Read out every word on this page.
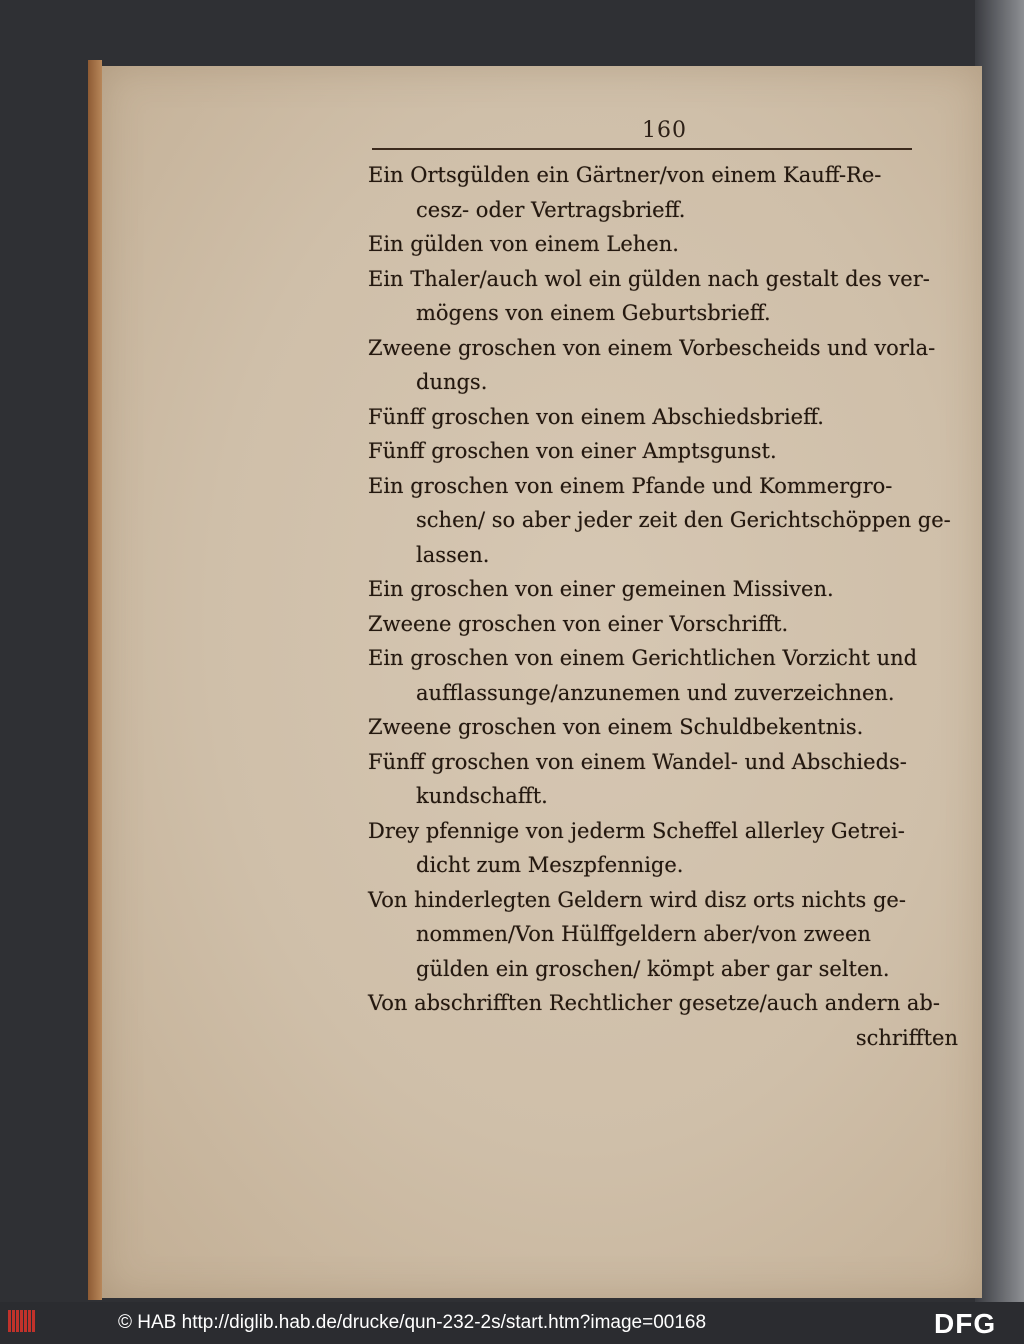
160
Ein Ortsgülden ein Gärtner/von einem Kauff-Re-
cesz- oder Vertragsbrieff.
Ein gülden von einem Lehen.
Ein Thaler/auch wol ein gülden nach gestalt des ver-
mögens von einem Geburtsbrieff.
Zweene groschen von einem Vorbescheids und vorla-
dungs.
Fünff groschen von einem Abschiedsbrieff.
Fünff groschen von einer Amptsgunst.
Ein groschen von einem Pfande und Kommergro-
schen/ so aber jeder zeit den Gerichtschöppen ge-
lassen.
Ein groschen von einer gemeinen Missiven.
Zweene groschen von einer Vorschrifft.
Ein groschen von einem Gerichtlichen Vorzicht und
aufflassunge/anzunemen und zuverzeichnen.
Zweene groschen von einem Schuldbekentnis.
Fünff groschen von einem Wandel- und Abschieds-
kundschafft.
Drey pfennige von jederm Scheffel allerley Getrei-
dicht zum Meszpfennige.
Von hinderlegten Geldern wird disz orts nichts ge-
nommen/Von Hülffgeldern aber/von zween
gülden ein groschen/ kömpt aber gar selten.
Von abschrifften Rechtlicher gesetze/auch andern ab-
schrifften
© HAB http://diglib.hab.de/drucke/qun-232-2s/start.htm?image=00168	DFG
